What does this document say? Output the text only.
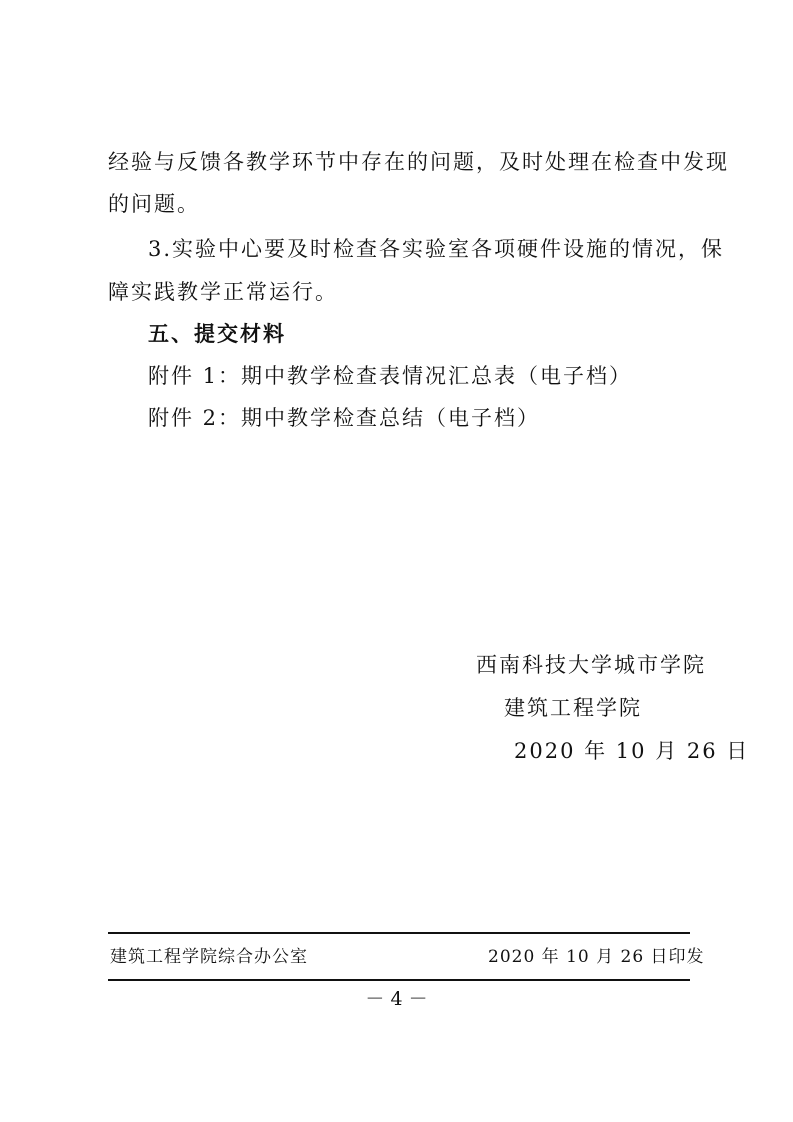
经验与反馈各教学环节中存在的问题，及时处理在检查中发现
的问题。
3.实验中心要及时检查各实验室各项硬件设施的情况，保
障实践教学正常运行。
五、提交材料
附件 1：期中教学检查表情况汇总表（电子档）
附件 2：期中教学检查总结（电子档）
西南科技大学城市学院
建筑工程学院
2020 年 10 月 26 日
建筑工程学院综合办公室	2020 年 10 月 26 日印发
－ 4 －
